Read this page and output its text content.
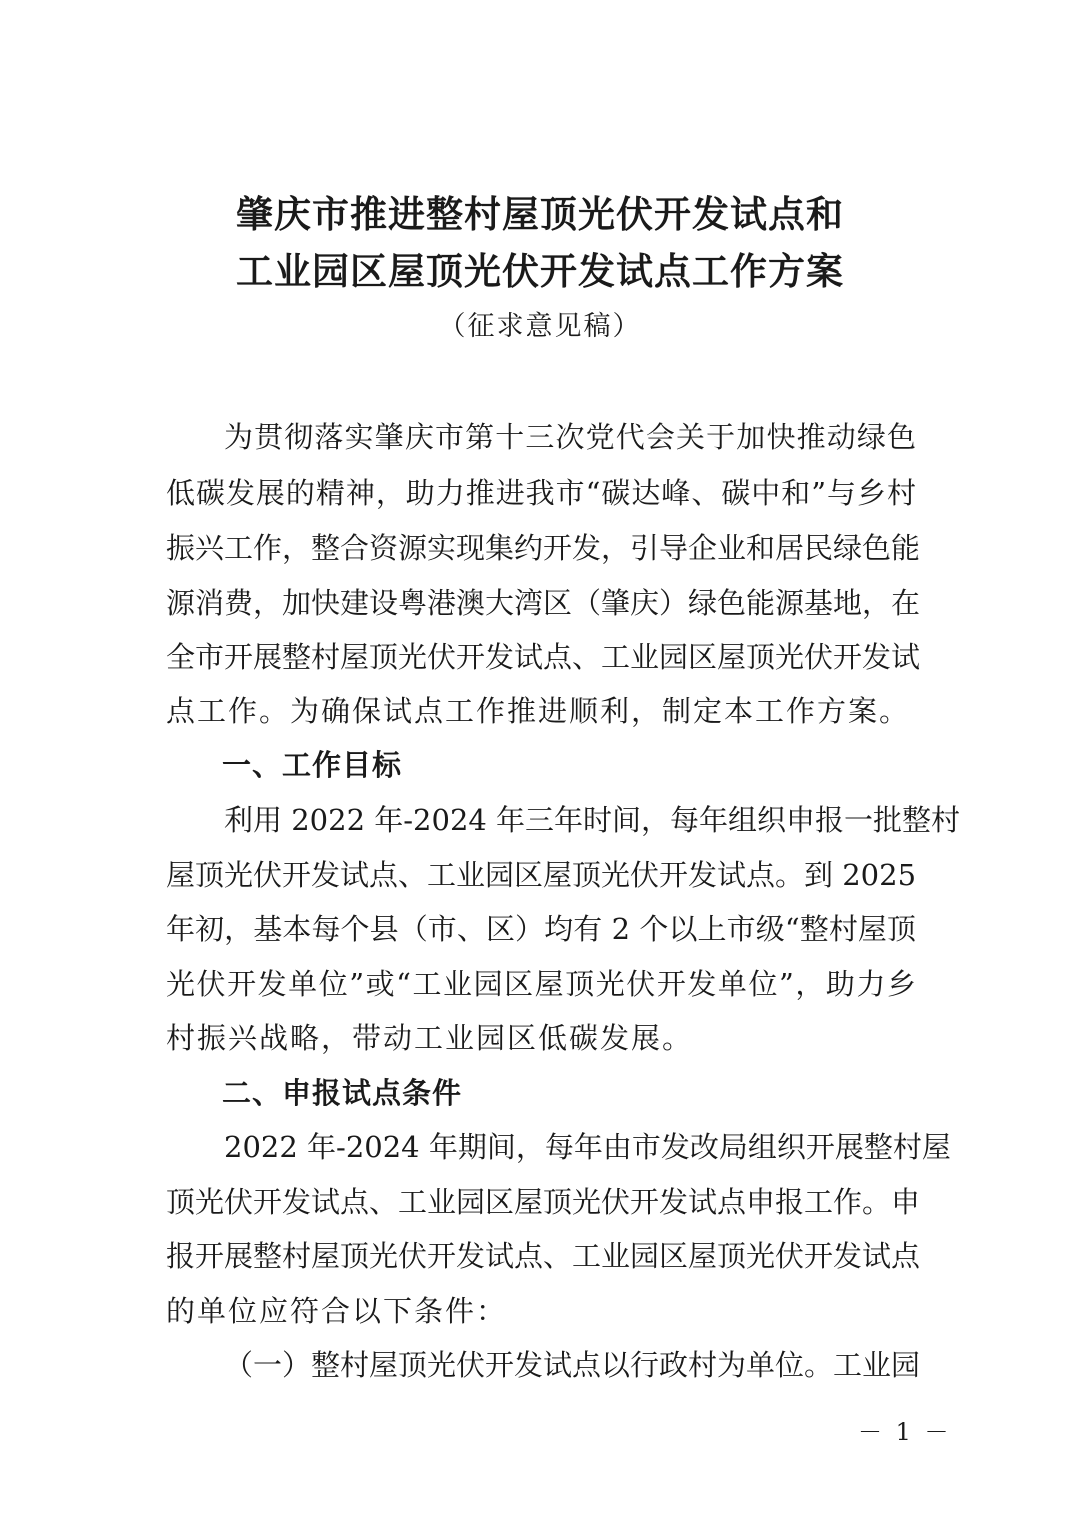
肇庆市推进整村屋顶光伏开发试点和
工业园区屋顶光伏开发试点工作方案
（征求意见稿）
为贯彻落实肇庆市第十三次党代会关于加快推动绿色
低碳发展的精神，助力推进我市“碳达峰、碳中和”与乡村
振兴工作，整合资源实现集约开发，引导企业和居民绿色能
源消费，加快建设粤港澳大湾区（肇庆）绿色能源基地，在
全市开展整村屋顶光伏开发试点、工业园区屋顶光伏开发试
点工作。为确保试点工作推进顺利，制定本工作方案。
一、工作目标
利用 2022 年-2024 年三年时间，每年组织申报一批整村
屋顶光伏开发试点、工业园区屋顶光伏开发试点。到 2025
年初，基本每个县（市、区）均有 2 个以上市级“整村屋顶
光伏开发单位”或“工业园区屋顶光伏开发单位”，助力乡
村振兴战略，带动工业园区低碳发展。
二、申报试点条件
2022 年-2024 年期间，每年由市发改局组织开展整村屋
顶光伏开发试点、工业园区屋顶光伏开发试点申报工作。申
报开展整村屋顶光伏开发试点、工业园区屋顶光伏开发试点
的单位应符合以下条件：
（一）整村屋顶光伏开发试点以行政村为单位。工业园
－ 1 －
